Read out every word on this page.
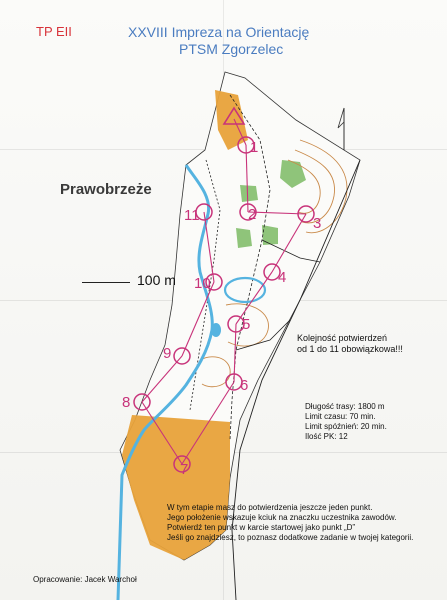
1
2
3
4
5
6
7
8
9
10
11

TP EII	XXVIII Impreza na Orientację

PTSM Zgorzelec

Prawobrzeże

100 m

Kolejność potwierdzeń

od 1 do 11 obowiązkowa!!!

Długość trasy: 1800 m

Limit czasu: 70 min.

Limit spóźnień: 20 min.

Ilość PK: 12

W tym etapie masz do potwierdzenia jeszcze jeden punkt.

Jego położenie wskazuje kciuk na znaczku uczestnika zawodów.

Potwierdź ten punkt w karcie startowej jako punkt „D”

Jeśli go znajdziesz, to poznasz dodatkowe zadanie w twojej kategorii.

Opracowanie: Jacek Warchoł
